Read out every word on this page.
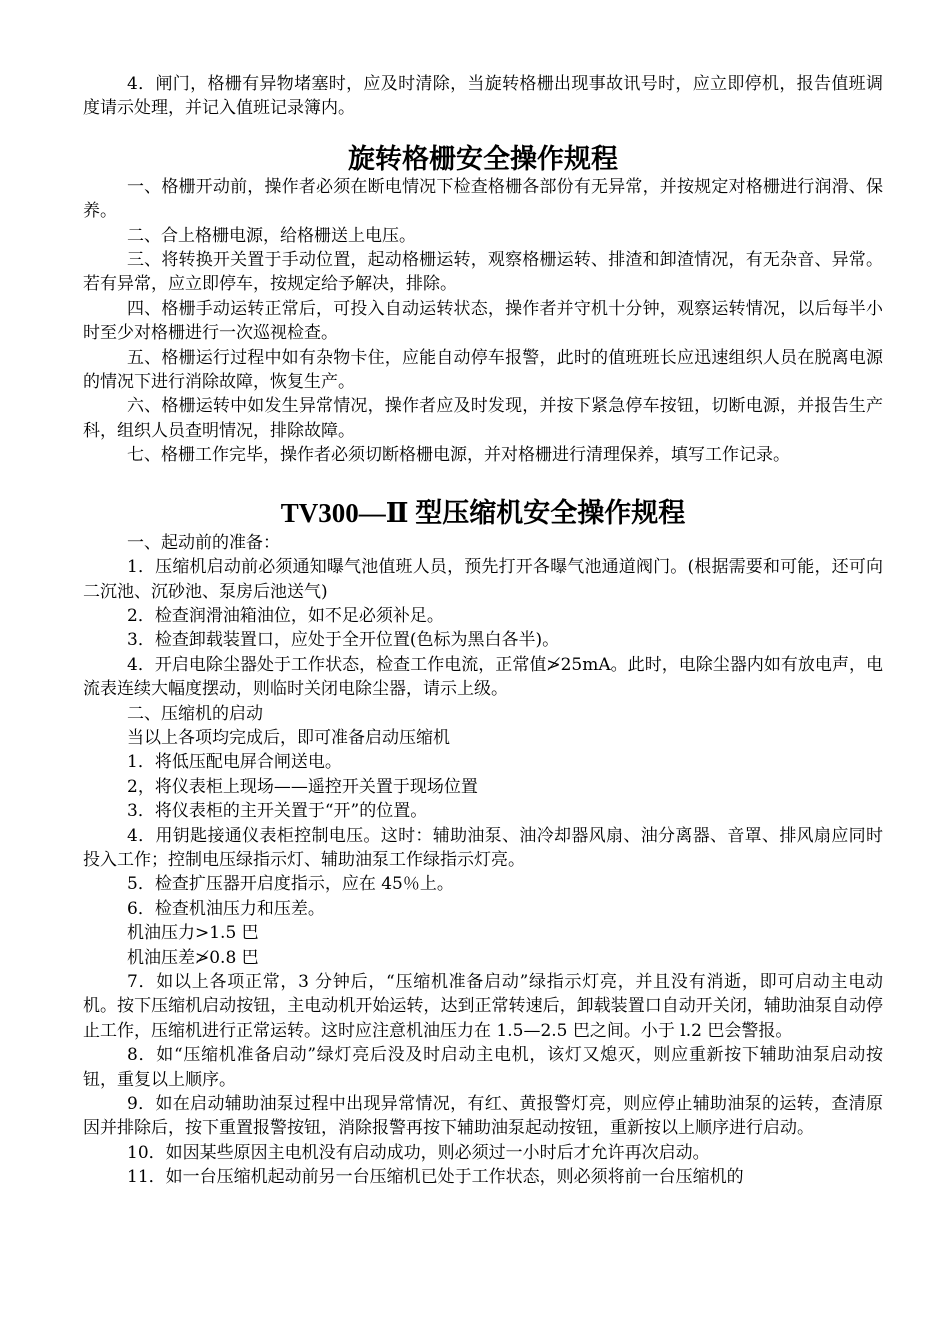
4．闸门，格栅有异物堵塞时，应及时清除，当旋转格栅出现事故讯号时，应立即停机，报告值班调度请示处理，并记入值班记录簿内。

旋转格栅安全操作规程

一、格栅开动前，操作者必须在断电情况下检查格栅各部份有无异常，并按规定对格栅进行润滑、保养。

二、合上格栅电源，给格栅送上电压。

三、将转换开关置于手动位置，起动格栅运转，观察格栅运转、排渣和卸渣情况，有无杂音、异常。若有异常，应立即停车，按规定给予解决，排除。

四、格栅手动运转正常后，可投入自动运转状态，操作者并守机十分钟，观察运转情况，以后每半小时至少对格栅进行一次巡视检查。

五、格栅运行过程中如有杂物卡住，应能自动停车报警，此时的值班班长应迅速组织人员在脱离电源的情况下进行消除故障，恢复生产。

六、格栅运转中如发生异常情况，操作者应及时发现，并按下紧急停车按钮，切断电源，并报告生产科，组织人员查明情况，排除故障。

七、格栅工作完毕，操作者必须切断格栅电源，并对格栅进行清理保养，填写工作记录。

TV300—Ⅱ 型压缩机安全操作规程

一、起动前的准备：

1．压缩机启动前必须通知曝气池值班人员，预先打开各曝气池通道阀门。(根据需要和可能，还可向二沉池、沉砂池、泵房后池送气)

2．检查润滑油箱油位，如不足必须补足。

3．检查卸载装置口，应处于全开位置(色标为黑白各半)。

4．开启电除尘器处于工作状态，检查工作电流，正常值≯25mA。此时，电除尘器内如有放电声，电流表连续大幅度摆动，则临时关闭电除尘器，请示上级。

二、压缩机的启动

当以上各项均完成后，即可准备启动压缩机

1．将低压配电屏合闸送电。

2，将仪表柜上现场——遥控开关置于现场位置

3．将仪表柜的主开关置于“开”的位置。

4．用钥匙接通仪表柜控制电压。这时：辅助油泵、油冷却器风扇、油分离器、音罩、排风扇应同时投入工作；控制电压绿指示灯、辅助油泵工作绿指示灯亮。

5．检查扩压器开启度指示，应在 45％上。

6．检查机油压力和压差。

机油压力>1.5 巴

机油压差≯0.8 巴

7．如以上各项正常，3 分钟后，“压缩机准备启动”绿指示灯亮，并且没有消逝，即可启动主电动机。按下压缩机启动按钮，主电动机开始运转，达到正常转速后，卸载装置口自动开关闭，辅助油泵自动停止工作，压缩机进行正常运转。这时应注意机油压力在 1.5—2.5 巴之间。小于 l.2 巴会警报。

8．如“压缩机准备启动”绿灯亮后没及时启动主电机，该灯又熄灭，则应重新按下辅助油泵启动按钮，重复以上顺序。

9．如在启动辅助油泵过程中出现异常情况，有红、黄报警灯亮，则应停止辅助油泵的运转，查清原因并排除后，按下重置报警按钮，消除报警再按下辅助油泵起动按钮，重新按以上顺序进行启动。

10．如因某些原因主电机没有启动成功，则必须过一小时后才允许再次启动。

11．如一台压缩机起动前另一台压缩机已处于工作状态，则必须将前一台压缩机的
